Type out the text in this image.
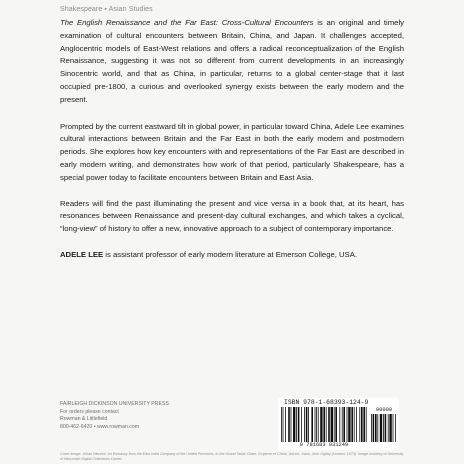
Shakespeare ▪ Asian Studies

The English Renaissance and the Far East: Cross-Cultural Encounters is an original and timely examination of cultural encounters between Britain, China, and Japan. It challenges accepted, Anglocentric models of East-West relations and offers a radical reconceptualization of the English Renaissance, suggesting it was not so different from current developments in an increasingly Sinocentric world, and that as China, in particular, returns to a global center-stage that it last occupied pre-1800, a curious and overlooked synergy exists between the early modern and the present.

Prompted by the current eastward tilt in global power, in particular toward China, Adele Lee examines cultural interactions between Britain and the Far East in both the early modern and postmodern periods. She explores how key encounters with and representations of the Far East are described in early modern writing, and demonstrates how work of that period, particularly Shakespeare, has a special power today to facilitate encounters between Britain and East Asia.

Readers will find the past illuminating the present and vice versa in a book that, at its heart, has resonances between Renaissance and present-day cultural exchanges, and which takes a cyclical, “long-view” of history to offer a new, innovative approach to a subject of contemporary importance.

ADELE LEE is assistant professor of early modern literature at Emerson College, USA.

FAIRLEIGH DICKINSON UNIVERSITY PRESS
For orders please contact
Rowman & Littlefield
800-462-6420 ▪ www.rowman.com
ISBN 978-1-68393-124-9
90000
9 781683 931249
Cover image: Johan Nieuhof, An Embassy from the East-India Company of the United Provinces, to the Grand Tartar Cham, Emperor of China, 3rd ed., trans. John Ogilby (London, 1673). Image courtesy of University of Wisconsin Digital Collections Center.
